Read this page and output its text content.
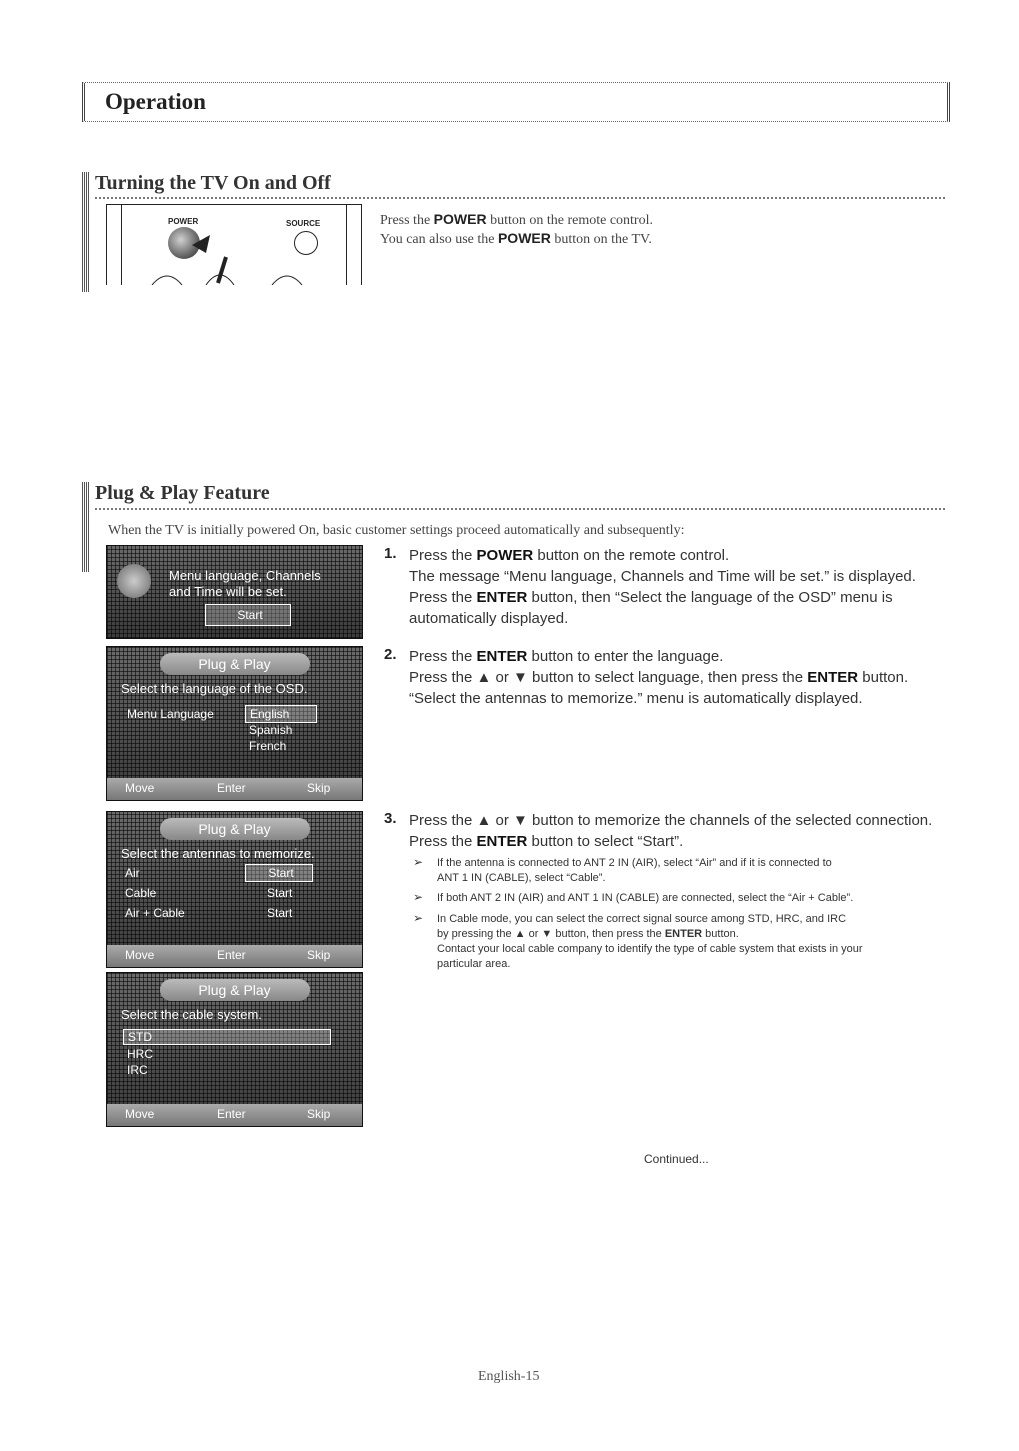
Operation
Turning the TV On and Off
POWER	SOURCE	Press the POWER button on the remote control.
You can also use the POWER button on the TV.
Plug & Play Feature
When the TV is initially powered On, basic customer settings proceed automatically and subsequently:
Menu language, Channels
and Time will be set.
Start
Plug & Play
Select the language of the OSD.
Menu Language	English
Spanish
French
Move	Enter	Skip
Plug & Play
Select the antennas to memorize.
Air	Start
Cable	Start
Air + Cable	Start
Move	Enter	Skip
Plug & Play
Select the cable system.
STD
HRC
IRC
Move	Enter	Skip
1. Press the POWER button on the remote control.
The message “Menu language, Channels and Time will be set.” is displayed.
Press the ENTER button, then “Select the language of the OSD” menu is
automatically displayed.
2. Press the ENTER button to enter the language.
Press the ▲ or ▼ button to select language, then press the ENTER button.
“Select the antennas to memorize.” menu is automatically displayed.
3. Press the ▲ or ▼ button to memorize the channels of the selected connection.
Press the ENTER button to select “Start”.
➢ If the antenna is connected to ANT 2 IN (AIR), select “Air” and if it is connected to
ANT 1 IN (CABLE), select “Cable”.
➢ If both ANT 2 IN (AIR) and ANT 1 IN (CABLE) are connected, select the “Air + Cable”.
➢ In Cable mode, you can select the correct signal source among STD, HRC, and IRC
by pressing the ▲ or ▼ button, then press the ENTER button.
Contact your local cable company to identify the type of cable system that exists in your
particular area.
Continued...
English-15
